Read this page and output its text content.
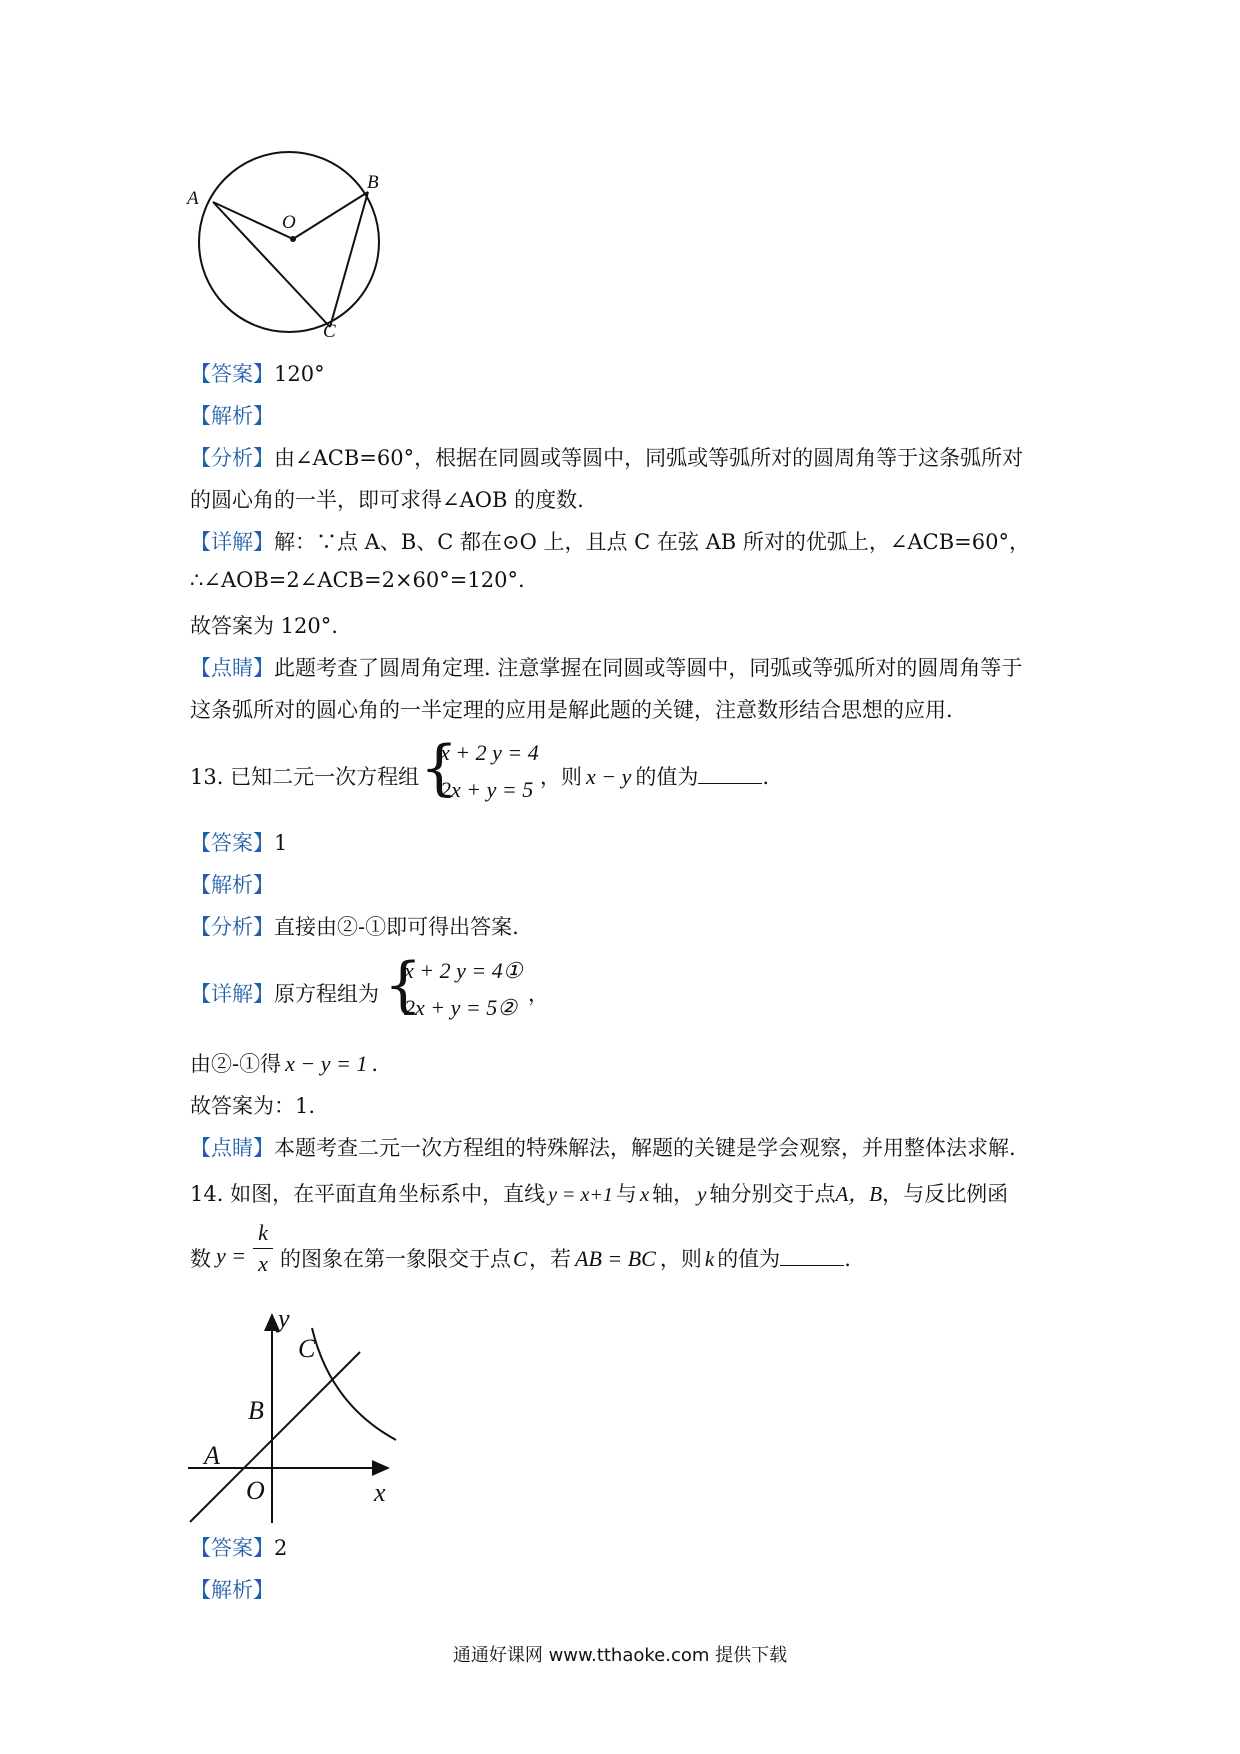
A
B
O
C
【答案】120°
【解析】
【分析】由∠ACB=60°，根据在同圆或等圆中，同弧或等弧所对的圆周角等于这条弧所对
的圆心角的一半，即可求得∠AOB 的度数.
【详解】解：∵点 A、B、C 都在⊙O 上，且点 C 在弦 AB 所对的优弧上，∠ACB=60°，
∴∠AOB=2∠ACB=2×60°=120°.
故答案为 120°.
【点睛】此题考查了圆周角定理. 注意掌握在同圆或等圆中，同弧或等弧所对的圆周角等于
这条弧所对的圆心角的一半定理的应用是解此题的关键，注意数形结合思想的应用.
13. 已知二元一次方程组 {
x + 2 y = 4
2x + y = 5 ，则 x − y 的值为	.
【答案】1
【解析】
【分析】直接由②-①即可得出答案.
【详解】原方程组为 {
x + 2 y = 4①
2x + y = 5②
，
由②-①得 x − y = 1 .
故答案为：1.
【点睛】本题考查二元一次方程组的特殊解法，解题的关键是学会观察，并用整体法求解.
14. 如图，在平面直角坐标系中，直线 y = x+1 与 x 轴， y 轴分别交于点A，B，与反比例函
数 y =
k
x 的图象在第一象限交于点C，若 AB = BC ，则 k 的值为	.
y
C
B
A
O	x
【答案】2
【解析】
通通好课网 www.tthaoke.com 提供下载
